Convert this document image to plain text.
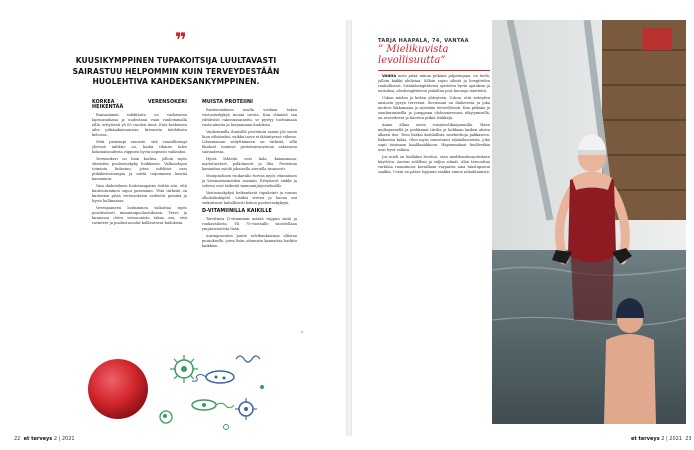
❞
KUUSIKYMPPINEN TUPAKOITSIJA LUULTAVASTI SAIRASTUU HELPOMMIN KUIN TERVEYDESTÄÄN HUOLEHTIVA KAHDEKSANKYMPPINEN.
KORKEA VERENSOKERI HEIKENTÄÄ

Runsaimmin infektioita on varhaisena lapsuusaikana ja uudestaan vaan vanhemmalla iällä, erityisesti yli 65 vuoden iässä. Eräs keskeinen aihe pitkäaikaissairaus; kroonista tulehdusta kehossa.

Mitä pienempi ennuste, sitä vaarallisempi yleensä infektio on, koska tilanne tulee kokonaisuudesta riippuen hyvin nopeasti vaikeaksi.

Verensokeri on liian korkea, jolloin myös elimistön puolustuskyky heikkenee. Valkosolujen toiminta hidastuu, joten infektiot ovat pitkäkestoisempia ja niistä toipuminen kestää kauemmin.

Vain diabeteksen hoitotasapaino riittää sitä, että kuntoutuminen sujuu paremmin. Yhtä tärkeää on kuitenkin pitää verensokerin vaihtelut pieninä ja hyvin hallinnassa.

Verenpaineen hoitaminen vaikuttaa myös positiivisesti immuunipuolustukseen. Terve ja kunnossa oleva verisuonisto takaa sen, että ravinteet ja puolustussolut kulkeutuvat kudoksiin.

MUISTA PROTEIINI

Ravitsemuksen avulla voidaan tukea vastustuskykyä monin tavoin. Kun elimistö saa riittävästi rakennusaineita, se pystyy tuottamaan vasta-aineita ja korjaamaan kudoksia.

Vanhemmilla ihmisillä proteiinin saanti jää usein liian vähäiseksi, vaikka tarve ei ikääntyessä vähene. Lihasmassan säilyttäminen on tärkeää, sillä lihakset toimivat proteiinivarastona vakavassa sairaudessa.

Hyviä lähteitä ovat kala, kananmuna, maitotuotteet, palkokasvit ja liha. Proteiinia kannattaa syödä jokaisella aterialla tasaisesti.

Monipuolinen ruokavalio turvaa myös vitamiinien ja kivennäisaineiden saannin. Erityisesti sinkki ja seleeni ovat tärkeitä immuunijärjestelmälle.

Vastustuskykyä heikentävät tupakointi ja runsas alkoholinkäyttö. Lisäksi stressi ja huono uni vaikuttavat haitallisesti kehon puolustuskykyyn.

D-VITAMIINILLA KAIKILLE

Tarvittava D-vitamiinin määrä riippuu iästä ja ruokavaliosta. Yli 75-vuotiaille suositellaan ympärivuotista lisää.

Auringonvalon puute talvikuukausina altistaa puutokselle, joten lisän ottamista kannattaa harkita kaikkien.

»
22 et terveys 2 | 2021
TARJA HAAPALA, 74, VANTAA
” Mielikuvista levollisuutta”

VANHA mies pitää minua pitkänä pilpattajana, en tiedä, jolloin kaikki ahdistaa. Silloin sujuu silmät ja hengittelen rauhallisesti. Sisäänhengittäessä ajattelen hyviä ajatuksia ja aurinkoa, uloshengittäessä puhallan pois huonoja mietteitä.

Uskon mielen ja kehon yhteyteen. Uskon, että viiteyden ansiosta pysyn terveenä. Suvussani on diabetesta ja joka motivoi liikkumaan ja syömään terveellisesti. Kun pitkään ja sumbarunneilla ja jumppaan olohuoneessani eläytymisellä, on avovedessä ja kävelen pitkiä lenkkejä.

Aamu alkaa usein ruisjuisolikaupunnilla. Haen multapernellä ja porkkanat tiirilta ja kokkaan kaiken alusta alkaen itse. Teen lisäksi kattilallisia sosekeittoja pakkaseen. Rakastan kalaa. Olen myös innostunut ryhmäkuvioista, joka sopii toisinaan kaalilaatikkoon. Hapanmakeat kuolleetkin ovat hyvä valinta.

Jos mieli on liiallakin levoton, otan mielikuvaharjoituksen käyttöön. Asetun selälleni ja suljen silmät. Alan tervouttaa varfalaa ruumiinosa kerrallaan varpaista aina hiustupsuun saakka. Usein en pääse loppuun saakka ennen nukahtamista.

et terveys 2 | 2021 23
